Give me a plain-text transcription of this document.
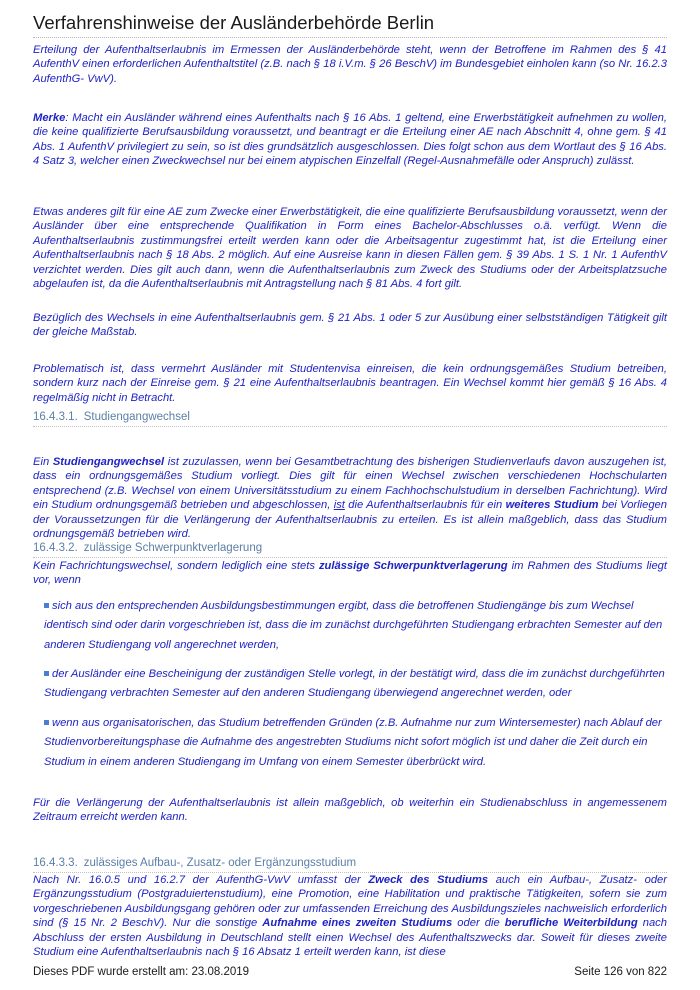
Verfahrenshinweise der Ausländerbehörde Berlin
Erteilung der Aufenthaltserlaubnis im Ermessen der Ausländerbehörde steht, wenn der Betroffene im Rahmen des § 41 AufenthV einen erforderlichen Aufenthaltstitel (z.B. nach § 18 i.V.m. § 26 BeschV) im Bundesgebiet einholen kann (so Nr. 16.2.3 AufenthG- VwV).
Merke: Macht ein Ausländer während eines Aufenthalts nach § 16 Abs. 1 geltend, eine Erwerbstätigkeit aufnehmen zu wollen, die keine qualifizierte Berufsausbildung voraussetzt, und beantragt er die Erteilung einer AE nach Abschnitt 4, ohne gem. § 41 Abs. 1 AufenthV privilegiert zu sein, so ist dies grundsätzlich ausgeschlossen. Dies folgt schon aus dem Wortlaut des § 16 Abs. 4 Satz 3, welcher einen Zweckwechsel nur bei einem atypischen Einzelfall (Regel-Ausnahmefälle oder Anspruch) zulässt.
Etwas anderes gilt für eine AE zum Zwecke einer Erwerbstätigkeit, die eine qualifizierte Berufsausbildung voraussetzt, wenn der Ausländer über eine entsprechende Qualifikation in Form eines Bachelor-Abschlusses o.ä. verfügt. Wenn die Aufenthaltserlaubnis zustimmungsfrei erteilt werden kann oder die Arbeitsagentur zugestimmt hat, ist die Erteilung einer Aufenthaltserlaubnis nach § 18 Abs. 2 möglich. Auf eine Ausreise kann in diesen Fällen gem. § 39 Abs. 1 S. 1 Nr. 1 AufenthV verzichtet werden. Dies gilt auch dann, wenn die Aufenthaltserlaubnis zum Zweck des Studiums oder der Arbeitsplatzsuche abgelaufen ist, da die Aufenthaltserlaubnis mit Antragstellung nach § 81 Abs. 4 fort gilt.
Bezüglich des Wechsels in eine Aufenthaltserlaubnis gem. § 21 Abs. 1 oder 5 zur Ausübung einer selbstständigen Tätigkeit gilt der gleiche Maßstab.
Problematisch ist, dass vermehrt Ausländer mit Studentenvisa einreisen, die kein ordnungsgemäßes Studium betreiben, sondern kurz nach der Einreise gem. § 21 eine Aufenthaltserlaubnis beantragen. Ein Wechsel kommt hier gemäß § 16 Abs. 4 regelmäßig nicht in Betracht.
16.4.3.1. Studiengangwechsel
Ein Studiengangwechsel ist zuzulassen, wenn bei Gesamtbetrachtung des bisherigen Studienverlaufs davon auszugehen ist, dass ein ordnungsgemäßes Studium vorliegt. Dies gilt für einen Wechsel zwischen verschiedenen Hochschularten entsprechend (z.B. Wechsel von einem Universitätsstudium zu einem Fachhochschulstudium in derselben Fachrichtung). Wird ein Studium ordnungsgemäß betrieben und abgeschlossen, ist die Aufenthaltserlaubnis für ein weiteres Studium bei Vorliegen der Voraussetzungen für die Verlängerung der Aufenthaltserlaubnis zu erteilen. Es ist allein maßgeblich, dass das Studium ordnungsgemäß betrieben wird.
16.4.3.2. zulässige Schwerpunktverlagerung
Kein Fachrichtungswechsel, sondern lediglich eine stets zulässige Schwerpunktverlagerung im Rahmen des Studiums liegt vor, wenn
sich aus den entsprechenden Ausbildungsbestimmungen ergibt, dass die betroffenen Studiengänge bis zum Wechsel identisch sind oder darin vorgeschrieben ist, dass die im zunächst durchgeführten Studiengang erbrachten Semester auf den anderen Studiengang voll angerechnet werden,
der Ausländer eine Bescheinigung der zuständigen Stelle vorlegt, in der bestätigt wird, dass die im zunächst durchgeführten Studiengang verbrachten Semester auf den anderen Studiengang überwiegend angerechnet werden, oder
wenn aus organisatorischen, das Studium betreffenden Gründen (z.B. Aufnahme nur zum Wintersemester) nach Ablauf der Studienvorbereitungsphase die Aufnahme des angestrebten Studiums nicht sofort möglich ist und daher die Zeit durch ein Studium in einem anderen Studiengang im Umfang von einem Semester überbrückt wird.
Für die Verlängerung der Aufenthaltserlaubnis ist allein maßgeblich, ob weiterhin ein Studienabschluss in angemessenem Zeitraum erreicht werden kann.
16.4.3.3. zulässiges Aufbau-, Zusatz- oder Ergänzungsstudium
Nach Nr. 16.0.5 und 16.2.7 der AufenthG-VwV umfasst der Zweck des Studiums auch ein Aufbau-, Zusatz- oder Ergänzungsstudium (Postgraduiertenstudium), eine Promotion, eine Habilitation und praktische Tätigkeiten, sofern sie zum vorgeschriebenen Ausbildungsgang gehören oder zur umfassenden Erreichung des Ausbildungszieles nachweislich erforderlich sind (§ 15 Nr. 2 BeschV). Nur die sonstige Aufnahme eines zweiten Studiums oder die berufliche Weiterbildung nach Abschluss der ersten Ausbildung in Deutschland stellt einen Wechsel des Aufenthaltszwecks dar. Soweit für dieses zweite Studium eine Aufenthaltserlaubnis nach § 16 Absatz 1 erteilt werden kann, ist diese
Dieses PDF wurde erstellt am: 23.08.2019	Seite 126 von 822
